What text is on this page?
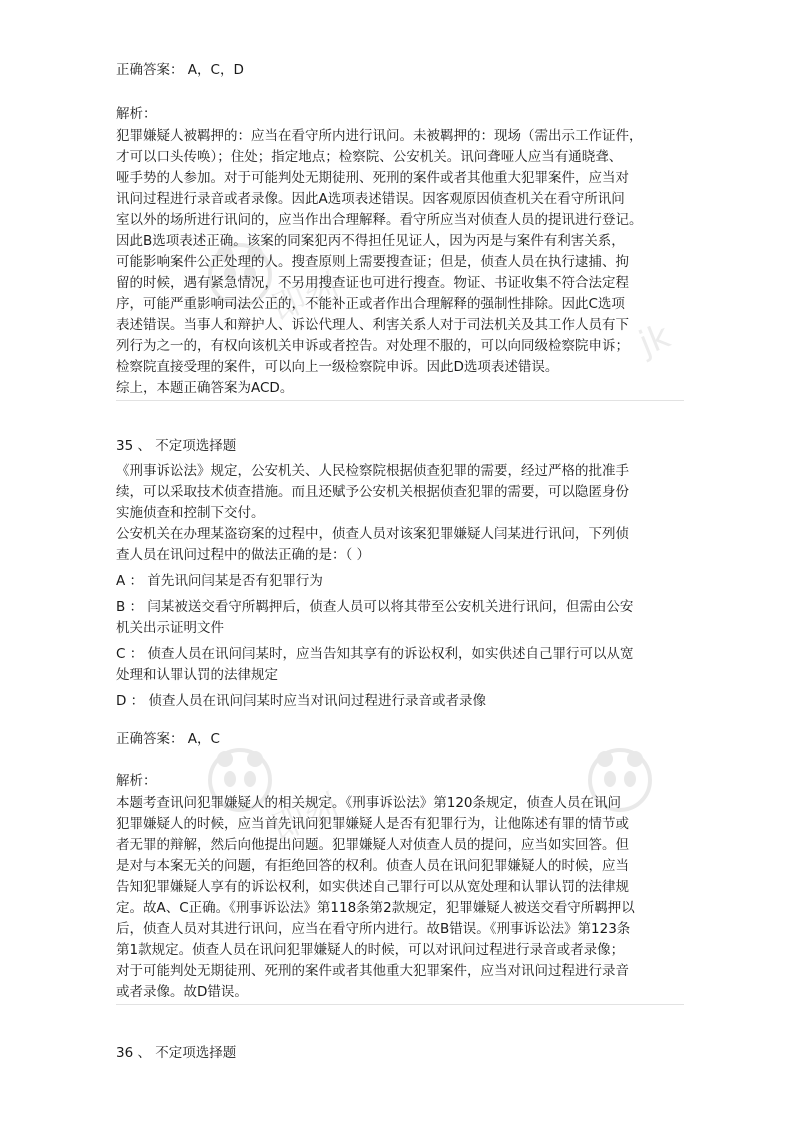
即刻
即刻
jk
正确答案： A，C，D
解析：
犯罪嫌疑人被羁押的：应当在看守所内进行讯问。未被羁押的：现场（需出示工作证件，
才可以口头传唤）；住处；指定地点；检察院、公安机关。讯问聋哑人应当有通晓聋、
哑手势的人参加。对于可能判处无期徒刑、死刑的案件或者其他重大犯罪案件，应当对
讯问过程进行录音或者录像。因此A选项表述错误。因客观原因侦查机关在看守所讯问
室以外的场所进行讯问的，应当作出合理解释。看守所应当对侦查人员的提讯进行登记。
因此B选项表述正确。该案的同案犯丙不得担任见证人，因为丙是与案件有利害关系，
可能影响案件公正处理的人。搜查原则上需要搜查证；但是，侦查人员在执行逮捕、拘
留的时候，遇有紧急情况，不另用搜查证也可进行搜查。物证、书证收集不符合法定程
序，可能严重影响司法公正的，不能补正或者作出合理解释的强制性排除。因此C选项
表述错误。当事人和辩护人、诉讼代理人、利害关系人对于司法机关及其工作人员有下
列行为之一的，有权向该机关申诉或者控告。对处理不服的，可以向同级检察院申诉；
检察院直接受理的案件，可以向上一级检察院申诉。因此D选项表述错误。
综上，本题正确答案为ACD。
35 、 不定项选择题
《刑事诉讼法》规定，公安机关、人民检察院根据侦查犯罪的需要，经过严格的批准手
续，可以采取技术侦查措施。而且还赋予公安机关根据侦查犯罪的需要，可以隐匿身份
实施侦查和控制下交付。
公安机关在办理某盗窃案的过程中，侦查人员对该案犯罪嫌疑人闫某进行讯问，下列侦
查人员在讯问过程中的做法正确的是：（ ）
A ： 首先讯问闫某是否有犯罪行为
B ： 闫某被送交看守所羁押后，侦查人员可以将其带至公安机关进行讯问，但需由公安
机关出示证明文件
C ： 侦查人员在讯问闫某时，应当告知其享有的诉讼权利，如实供述自己罪行可以从宽
处理和认罪认罚的法律规定
D ： 侦查人员在讯问闫某时应当对讯问过程进行录音或者录像
正确答案： A，C
解析：
本题考查讯问犯罪嫌疑人的相关规定。《刑事诉讼法》第120条规定，侦查人员在讯问
犯罪嫌疑人的时候，应当首先讯问犯罪嫌疑人是否有犯罪行为，让他陈述有罪的情节或
者无罪的辩解，然后向他提出问题。犯罪嫌疑人对侦查人员的提问，应当如实回答。但
是对与本案无关的问题，有拒绝回答的权利。侦查人员在讯问犯罪嫌疑人的时候，应当
告知犯罪嫌疑人享有的诉讼权利，如实供述自己罪行可以从宽处理和认罪认罚的法律规
定。故A、C正确。《刑事诉讼法》第118条第2款规定，犯罪嫌疑人被送交看守所羁押以
后，侦查人员对其进行讯问，应当在看守所内进行。故B错误。《刑事诉讼法》第123条
第1款规定。侦查人员在讯问犯罪嫌疑人的时候，可以对讯问过程进行录音或者录像；
对于可能判处无期徒刑、死刑的案件或者其他重大犯罪案件，应当对讯问过程进行录音
或者录像。故D错误。
36 、 不定项选择题
